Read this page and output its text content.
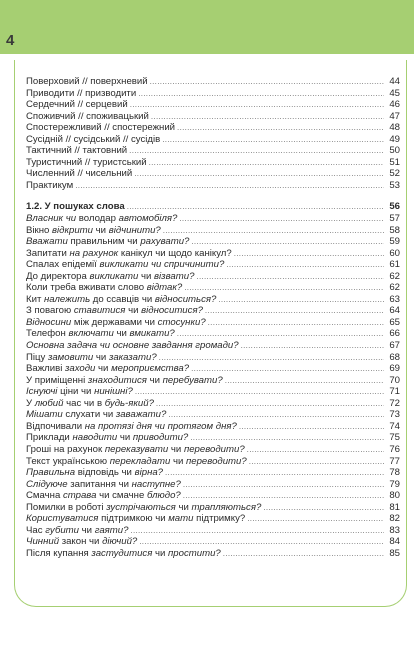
4
Поверховий // поверхневий .....	44
Приводити // призводити .....	45
Сердечний // серцевий .....	46
Споживчий // споживацький .....	47
Спостережливий // спостережний .....	48
Сусідній // сусідський // сусідів .....	49
Тактичний // тактовний .....	50
Туристичний // туристський .....	51
Численний // чисельний .....	52
Практикум .....	53
1.2. У пошуках слова .....	56
Власник чи володар автомобіля? .....	57
Вікно відкрити чи відчинити? .....	58
Вважати правильним чи рахувати? .....	59
Запитати на рахунок канікул чи щодо канікул? .....	60
Спалах епідемії викликати чи спричинити? .....	61
До директора викликати чи візвати? .....	62
Коли треба вживати слово відтак? .....	62
Кит належить до ссавців чи відноситься? .....	63
З повагою ставитися чи відноситися? .....	64
Відносини між державами чи стосунки? .....	65
Телефон включати чи вмикати? .....	66
Основна задача чи основне завдання громади? .....	67
Піцу замовити чи заказати? .....	68
Важливі заходи чи мероприємства? .....	69
У приміщенні знаходитися чи перебувати? .....	70
Існуючі ціни чи нинішні? .....	71
У любий час чи в будь-який? .....	72
Мішати слухати чи заважати? .....	73
Відпочивали на протязі дня чи протягом дня? .....	74
Приклади наводити чи приводити? .....	75
Гроші на рахунок переказувати чи переводити? .....	76
Текст українською перекладати чи переводити? .....	77
Правильна відповідь чи вірна? .....	78
Слідуюче запитання чи наступне? .....	79
Смачна страва чи смачне блюдо? .....	80
Помилки в роботі зустрічаються чи трапляються? .....	81
Користуватися підтримкою чи мати підтримку? .....	82
Час губити чи гаяти? .....	83
Чинний закон чи діючий? .....	84
Після купання застудитися чи простити? .....	85
